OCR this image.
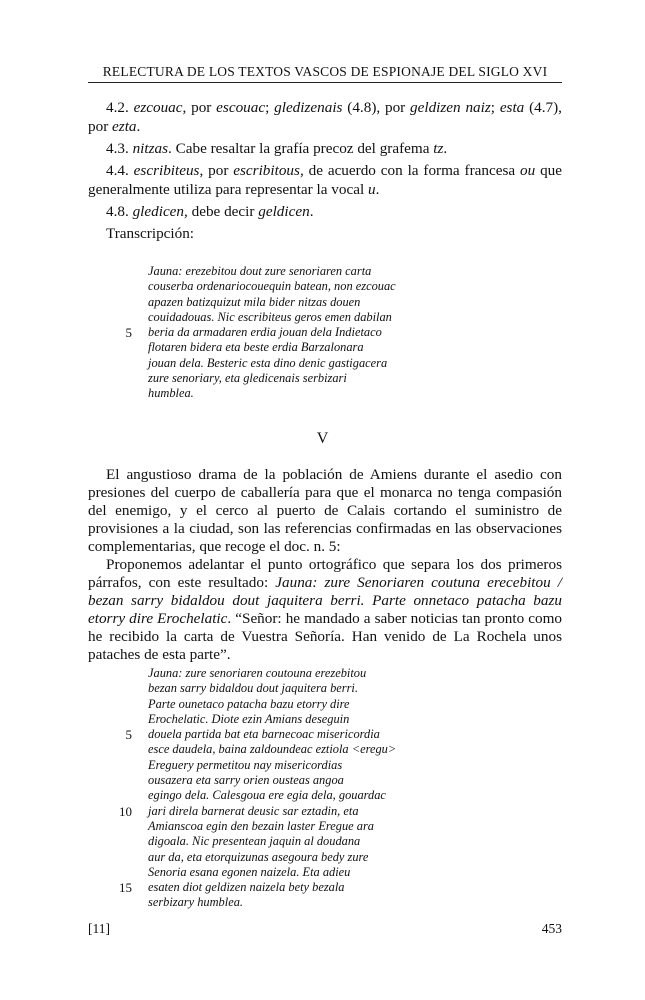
RELECTURA DE LOS TEXTOS VASCOS DE ESPIONAJE DEL SIGLO XVI

4.2. ezcouac, por escouac; gledizenais (4.8), por geldizen naiz; esta (4.7), por ezta.

4.3. nitzas. Cabe resaltar la grafía precoz del grafema tz.

4.4. escribiteus, por escribitous, de acuerdo con la forma francesa ou que generalmente utiliza para representar la vocal u.

4.8. gledicen, debe decir geldicen.

Transcripción:

Jauna: erezebitou dout zure senoriaren carta
couserba ordenariocouequin batean, non ezcouac
apazen batizquizut mila bider nitzas douen
couidadouas. Nic escribiteus geros emen dabilan
5 beria da armadaren erdia jouan dela Indietaco
flotaren bidera eta beste erdia Barzalonara
jouan dela. Besteric esta dino denic gastigacera
zure senoriary, eta gledicenais serbizari
humblea.
V

El angustioso drama de la población de Amiens durante el asedio con presiones del cuerpo de caballería para que el monarca no tenga compasión del enemigo, y el cerco al puerto de Calais cortando el suministro de provisiones a la ciudad, son las referencias confirmadas en las observaciones complementarias, que recoge el doc. n. 5:

Proponemos adelantar el punto ortográfico que separa los dos primeros párrafos, con este resultado: Jauna: zure Senoriaren coutuna erecebitou / bezan sarry bidaldou dout jaquitera berri. Parte onnetaco patacha bazu etorry dire Erochelatic. “Señor: he mandado a saber noticias tan pronto como he recibido la carta de Vuestra Señoría. Han venido de La Rochela unos pataches de esta parte”.

Jauna: zure senoriaren coutouna erezebitou
bezan sarry bidaldou dout jaquitera berri.
Parte ounetaco patacha bazu etorry dire
Erochelatic. Diote ezin Amians deseguin
5 douela partida bat eta barnecoac misericordia
esce daudela, baina zaldoundeac eztiola <eregu>
Ereguery permetitou nay misericordias
ousazera eta sarry orien ousteas angoa
egingo dela. Calesgoua ere egia dela, gouardac
10 jari direla barnerat deusic sar eztadin, eta
Amianscoa egin den bezain laster Eregue ara
digoala. Nic presentean jaquin al doudana
aur da, eta etorquizunas asegoura bedy zure
Senoria esana egonen naizela. Eta adieu
15 esaten diot geldizen naizela bety bezala
serbizary humblea.
[11]	453
